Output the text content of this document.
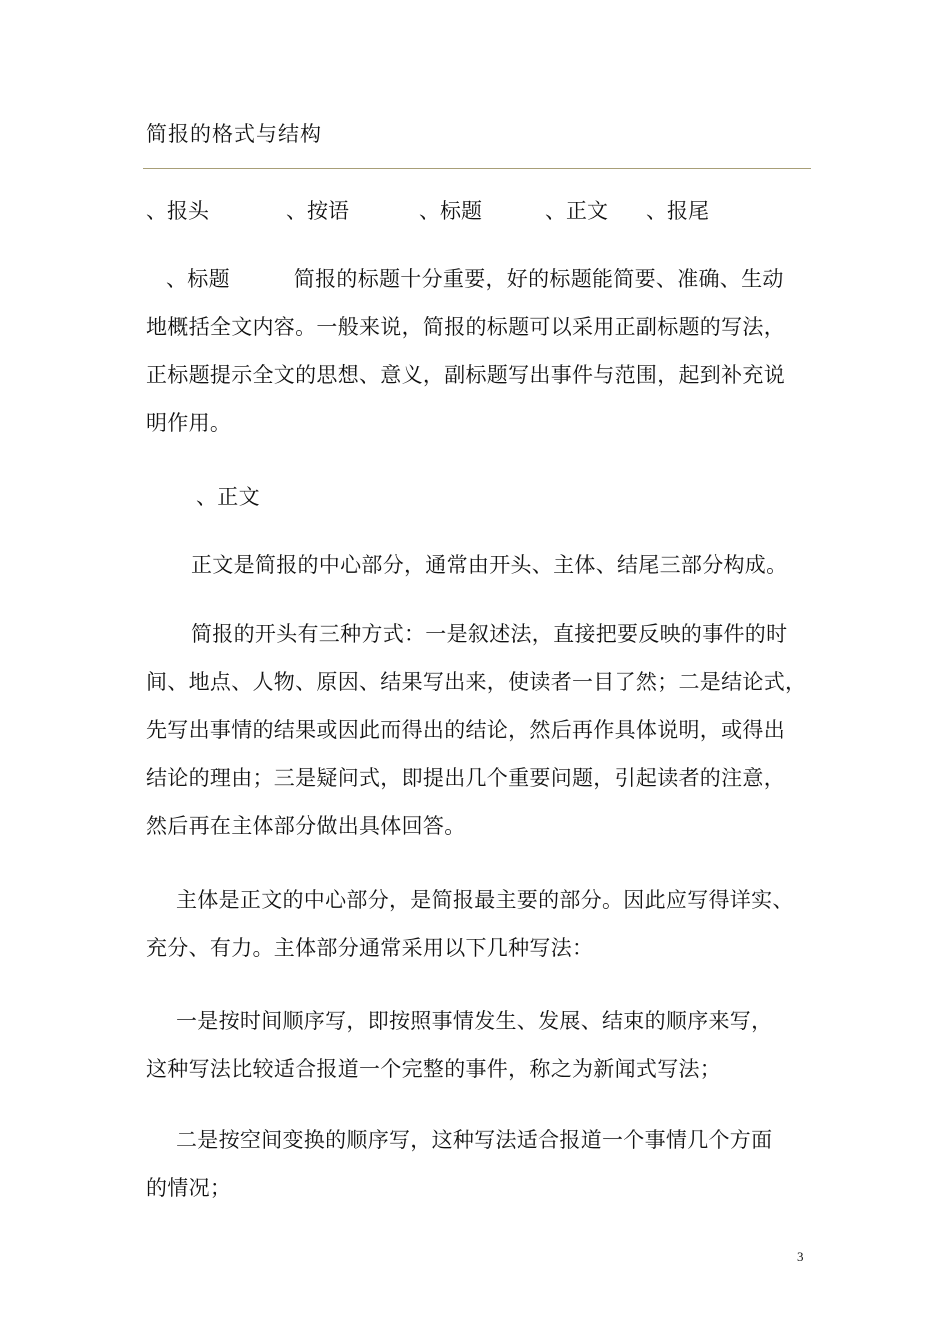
简报的格式与结构
、报头	、按语	、标题	、正文 、报尾
、标题　　　简报的标题十分重要，好的标题能简要、准确、生动
地概括全文内容。一般来说，简报的标题可以采用正副标题的写法，
正标题提示全文的思想、意义，副标题写出事件与范围，起到补充说
明作用。
、正文
正文是简报的中心部分，通常由开头、主体、结尾三部分构成。
简报的开头有三种方式：一是叙述法，直接把要反映的事件的时
间、地点、人物、原因、结果写出来，使读者一目了然；二是结论式，
先写出事情的结果或因此而得出的结论，然后再作具体说明，或得出
结论的理由；三是疑问式，即提出几个重要问题，引起读者的注意，
然后再在主体部分做出具体回答。
主体是正文的中心部分，是简报最主要的部分。因此应写得详实、
充分、有力。主体部分通常采用以下几种写法：
一是按时间顺序写，即按照事情发生、发展、结束的顺序来写，
这种写法比较适合报道一个完整的事件，称之为新闻式写法；
二是按空间变换的顺序写，这种写法适合报道一个事情几个方面
的情况；
3
